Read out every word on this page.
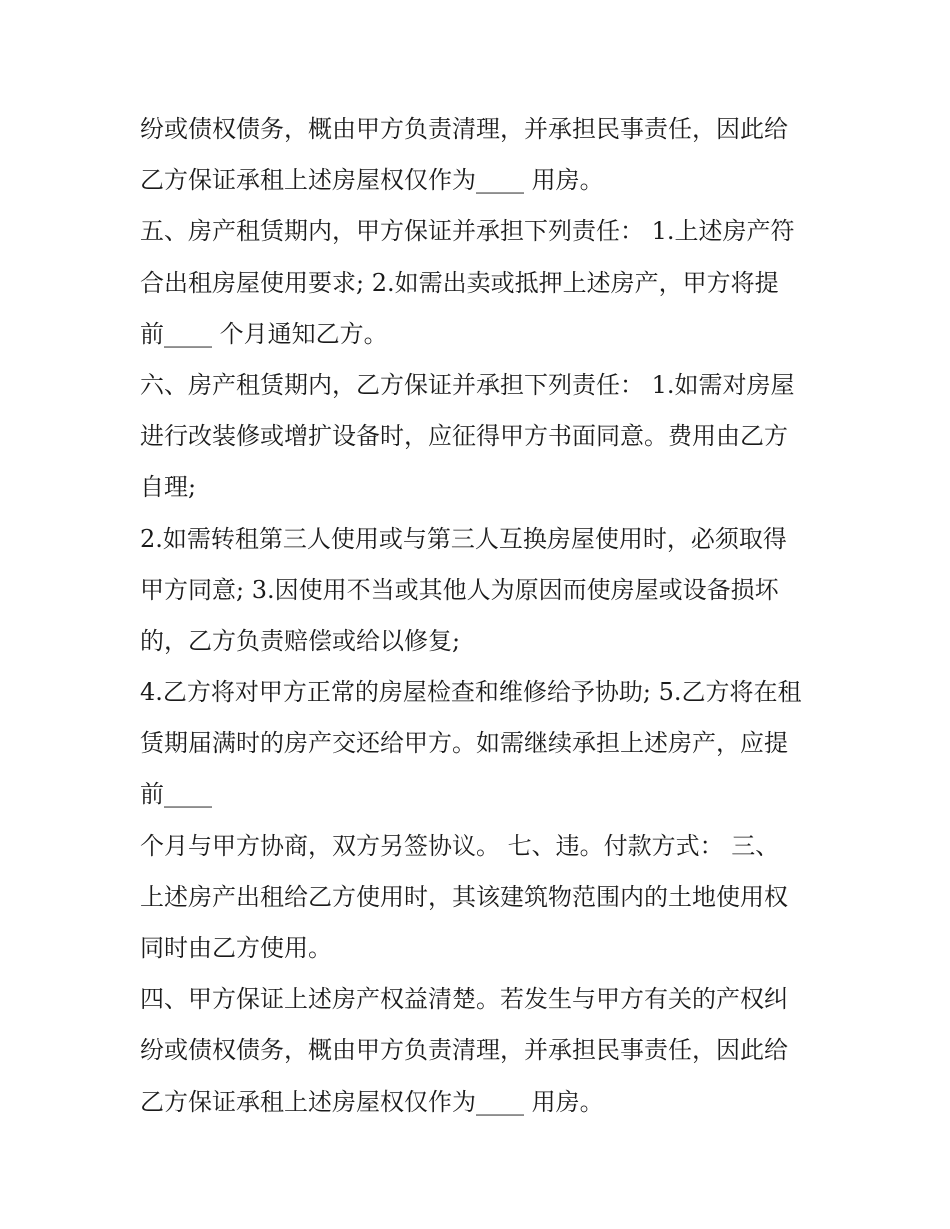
纷或债权债务，概由甲方负责清理，并承担民事责任，因此给
乙方保证承租上述房屋权仅作为____ 用房。
五、房产租赁期内，甲方保证并承担下列责任： 1.上述房产符
合出租房屋使用要求; 2.如需出卖或抵押上述房产，甲方将提
前____ 个月通知乙方。
六、房产租赁期内，乙方保证并承担下列责任： 1.如需对房屋
进行改装修或增扩设备时，应征得甲方书面同意。费用由乙方
自理;
2.如需转租第三人使用或与第三人互换房屋使用时，必须取得
甲方同意; 3.因使用不当或其他人为原因而使房屋或设备损坏
的，乙方负责赔偿或给以修复;
4.乙方将对甲方正常的房屋检查和维修给予协助; 5.乙方将在租
赁期届满时的房产交还给甲方。如需继续承担上述房产，应提
前____
个月与甲方协商，双方另签协议。 七、违。付款方式： 三、
上述房产出租给乙方使用时，其该建筑物范围内的土地使用权
同时由乙方使用。
四、甲方保证上述房产权益清楚。若发生与甲方有关的产权纠
纷或债权债务，概由甲方负责清理，并承担民事责任，因此给
乙方保证承租上述房屋权仅作为____ 用房。
